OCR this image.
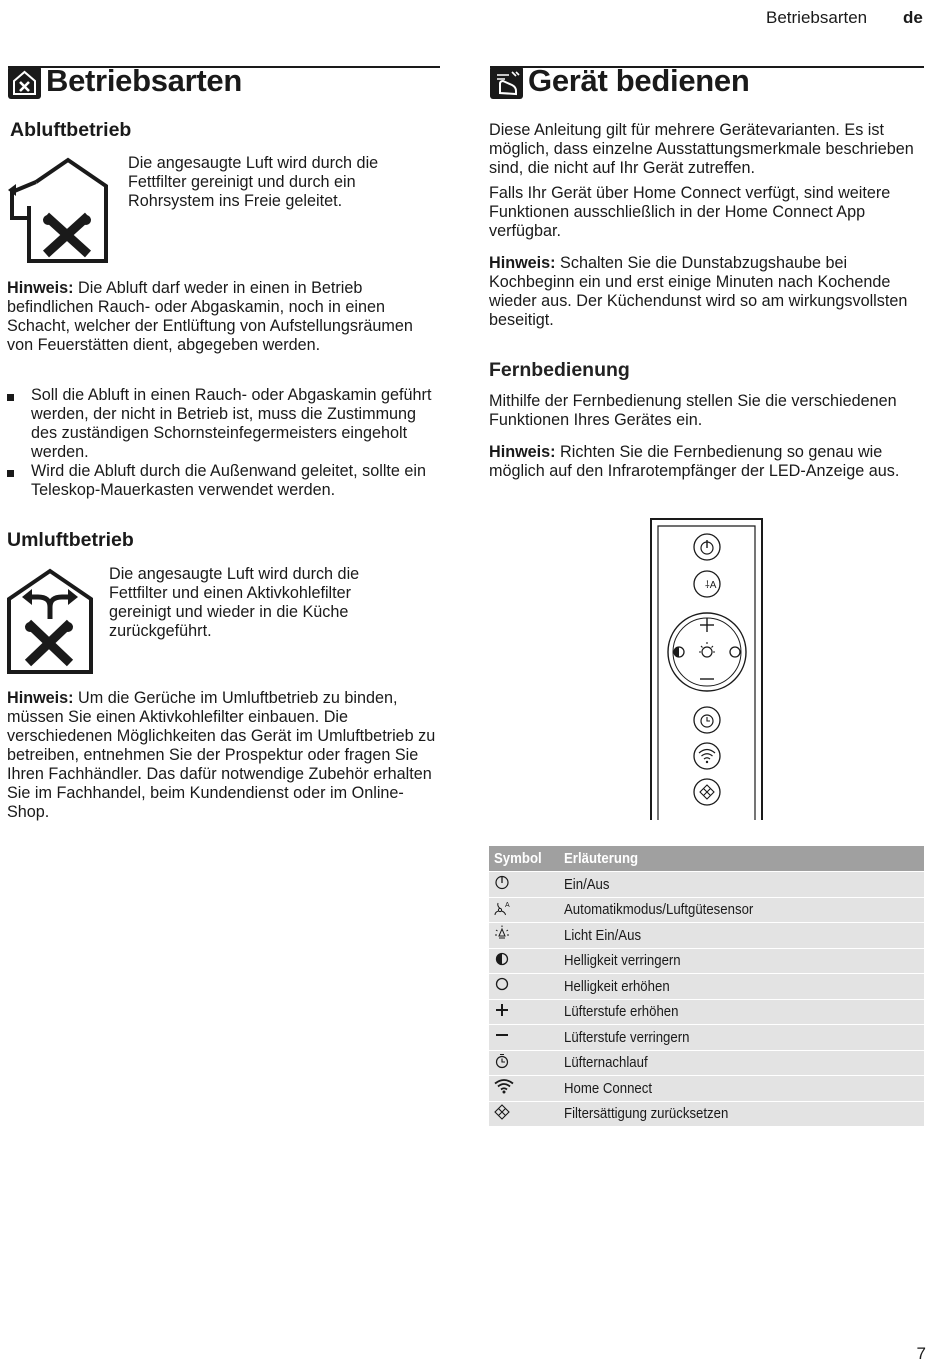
Betriebsarten de
Betriebsarten
Abluftbetrieb
Die angesaugte Luft wird durch die Fettfilter gereinigt und durch ein Rohrsystem ins Freie geleitet.
Hinweis: Die Abluft darf weder in einen in Betrieb befindlichen Rauch- oder Abgaskamin, noch in einen Schacht, welcher der Entlüftung von Aufstellungsräumen von Feuerstätten dient, abgegeben werden.
Soll die Abluft in einen Rauch- oder Abgaskamin geführt werden, der nicht in Betrieb ist, muss die Zustimmung des zuständigen Schornsteinfegermeisters eingeholt werden.
Wird die Abluft durch die Außenwand geleitet, sollte ein Teleskop-Mauerkasten verwendet werden.
Umluftbetrieb
Die angesaugte Luft wird durch die Fettfilter und einen Aktivkohlefilter gereinigt und wieder in die Küche zurückgeführt.
Hinweis: Um die Gerüche im Umluftbetrieb zu binden, müssen Sie einen Aktivkohlefilter einbauen. Die verschiedenen Möglichkeiten das Gerät im Umluftbetrieb zu betreiben, entnehmen Sie der Prospektur oder fragen Sie Ihren Fachhändler. Das dafür notwendige Zubehör erhalten Sie im Fachhandel, beim Kundendienst oder im Online-Shop.
Gerät bedienen
Diese Anleitung gilt für mehrere Gerätevarianten. Es ist möglich, dass einzelne Ausstattungsmerkmale beschrieben sind, die nicht auf Ihr Gerät zutreffen.
Falls Ihr Gerät über Home Connect verfügt, sind weitere Funktionen ausschließlich in der Home Connect App verfügbar.
Hinweis: Schalten Sie die Dunstabzugshaube bei Kochbeginn ein und erst einige Minuten nach Kochende wieder aus. Der Küchendunst wird so am wirkungsvollsten beseitigt.
Fernbedienung
Mithilfe der Fernbedienung stellen Sie die verschiedenen Funktionen Ihres Gerätes ein.
Hinweis: Richten Sie die Fernbedienung so genau wie möglich auf den Infrarotempfänger der LED-Anzeige aus.
⸸A
Symbol	Erläuterung
	Ein/Aus

A	Automatikmodus/Luftgütesensor
	Licht Ein/Aus
	Helligkeit verringern
	Helligkeit erhöhen
	Lüfterstufe erhöhen
	Lüfterstufe verringern
	Lüfternachlauf
	Home Connect
	Filtersättigung zurücksetzen
7
